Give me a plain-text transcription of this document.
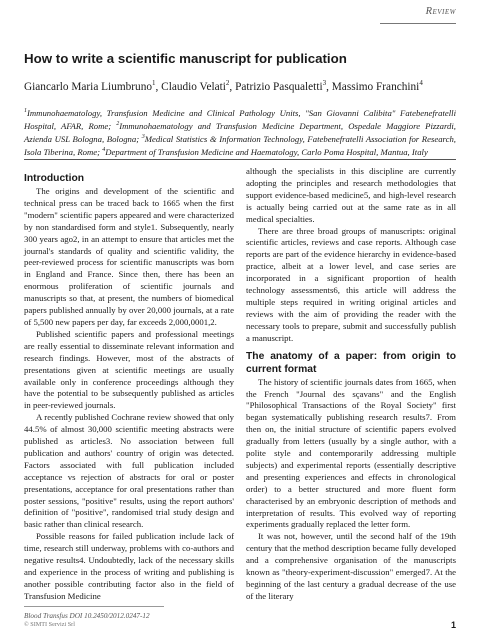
Review
How to write a scientific manuscript for publication
Giancarlo Maria Liumbruno$^1$, Claudio Velati$^2$, Patrizio Pasqualetti$^3$, Massimo Franchini$^4$
$^1$Immunohaematology, Transfusion Medicine and Clinical Pathology Units, "San Giovanni Calibita" Fatebenefratelli Hospital, AFAR, Rome; $^2$Immunohaematology and Transfusion Medicine Department, Ospedale Maggiore Pizzardi, Azienda USL Bologna, Bologna; $^3$Medical Statistics & Information Technology, Fatebenefratelli Association for Research, Isola Tiberina, Rome; $^4$Department of Transfusion Medicine and Haematology, Carlo Poma Hospital, Mantua, Italy
Introduction

The origins and development of the scientific and technical press can be traced back to 1665 when the first "modern" scientific papers appeared and were characterized by non standardised form and style1. Subsequently, nearly 300 years ago2, in an attempt to ensure that articles met the journal's standards of quality and scientific validity, the peer-reviewed process for scientific manuscripts was born in England and France. Since then, there has been an enormous proliferation of scientific journals and manuscripts so that, at present, the numbers of biomedical papers published annually by over 20,000 journals, at a rate of 5,500 new papers per day, far exceeds 2,000,0001,2.

Published scientific papers and professional meetings are really essential to disseminate relevant information and research findings. However, most of the abstracts of presentations given at scientific meetings are usually available only in conference proceedings although they have the potential to be subsequently published as articles in peer-reviewed journals.

A recently published Cochrane review showed that only 44.5% of almost 30,000 scientific meeting abstracts were published as articles3. No association between full publication and authors' country of origin was detected. Factors associated with full publication included acceptance vs rejection of abstracts for oral or poster presentations, acceptance for oral presentations rather than poster sessions, "positive" results, using the report authors' definition of "positive", randomised trial study design and basic rather than clinical research.

Possible reasons for failed publication include lack of time, research still underway, problems with co-authors and negative results4. Undoubtedly, lack of the necessary skills and experience in the process of writing and publishing is another possible contributing factor also in the field of Transfusion Medicine

although the specialists in this discipline are currently adopting the principles and research methodologies that support evidence-based medicine5, and high-level research is actually being carried out at the same rate as in all medical specialties.

There are three broad groups of manuscripts: original scientific articles, reviews and case reports. Although case reports are part of the evidence hierarchy in evidence-based practice, albeit at a lower level, and case series are incorporated in a significant proportion of health technology assessments6, this article will address the multiple steps required in writing original articles and reviews with the aim of providing the reader with the necessary tools to prepare, submit and successfully publish a manuscript.

The anatomy of a paper: from origin to current format

The history of scientific journals dates from 1665, when the French "Journal des sçavans" and the English "Philosophical Transactions of the Royal Society" first began systematically publishing research results7. From then on, the initial structure of scientific papers evolved gradually from letters (usually by a single author, with a polite style and contemporarily addressing multiple subjects) and experimental reports (essentially descriptive and presenting experiences and effects in chronological order) to a better structured and more fluent form characterised by an embryonic description of methods and interpretation of results. This evolved way of reporting experiments gradually replaced the letter form.

It was not, however, until the second half of the 19th century that the method description became fully developed and a comprehensive organisation of the manuscripts known as "theory-experiment-discussion" emerged7. At the beginning of the last century a gradual decrease of the use of the literary

Blood Transfus DOI 10.2450/2012.0247-12
© SIMTI Servizi Srl	1
